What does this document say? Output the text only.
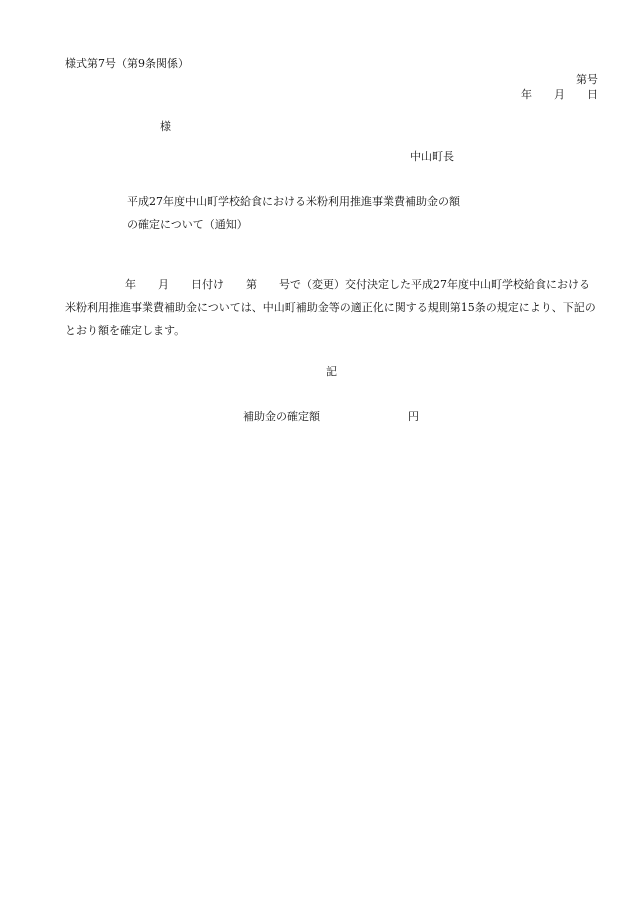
様式第7号（第9条関係）
第号
年 月 日
様
中山町長
平成27年度中山町学校給食における米粉利用推進事業費補助金の額
の確定について（通知）
年 月 日付け 第 号で（変更）交付決定した平成27年度中山町学校給食における米粉利用推進事業費補助金については、中山町補助金等の適正化に関する規則第15条の規定により、下記のとおり額を確定します。
記
補助金の確定額	円
